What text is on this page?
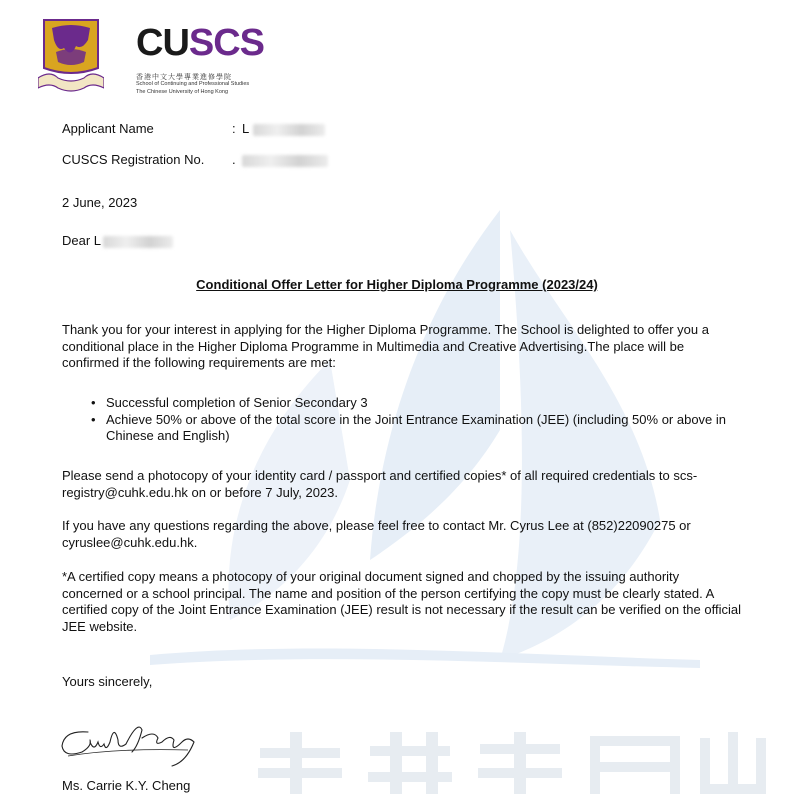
CUSCS
香港中文大學專業進修學院
School of Continuing and Professional Studies
The Chinese University of Hong Kong
Applicant Name	: L
CUSCS Registration No. .
2 June, 2023
Dear L
Conditional Offer Letter for Higher Diploma Programme (2023/24)
Thank you for your interest in applying for the Higher Diploma Programme. The School is delighted to offer you a conditional place in the Higher Diploma Programme in Multimedia and Creative Advertising.The place will be confirmed if the following requirements are met:
• Successful completion of Senior Secondary 3
• Achieve 50% or above of the total score in the Joint Entrance Examination (JEE) (including 50% or above in Chinese and English)
Please send a photocopy of your identity card / passport and certified copies* of all required credentials to scs-registry@cuhk.edu.hk on or before 7 July, 2023.
If you have any questions regarding the above, please feel free to contact Mr. Cyrus Lee at (852)22090275 or cyruslee@cuhk.edu.hk.
*A certified copy means a photocopy of your original document signed and chopped by the issuing authority concerned or a school principal. The name and position of the person certifying the copy must be clearly stated. A certified copy of the Joint Entrance Examination (JEE) result is not necessary if the result can be verified on the official JEE website.
Yours sincerely,
Ms. Carrie K.Y. Cheng
